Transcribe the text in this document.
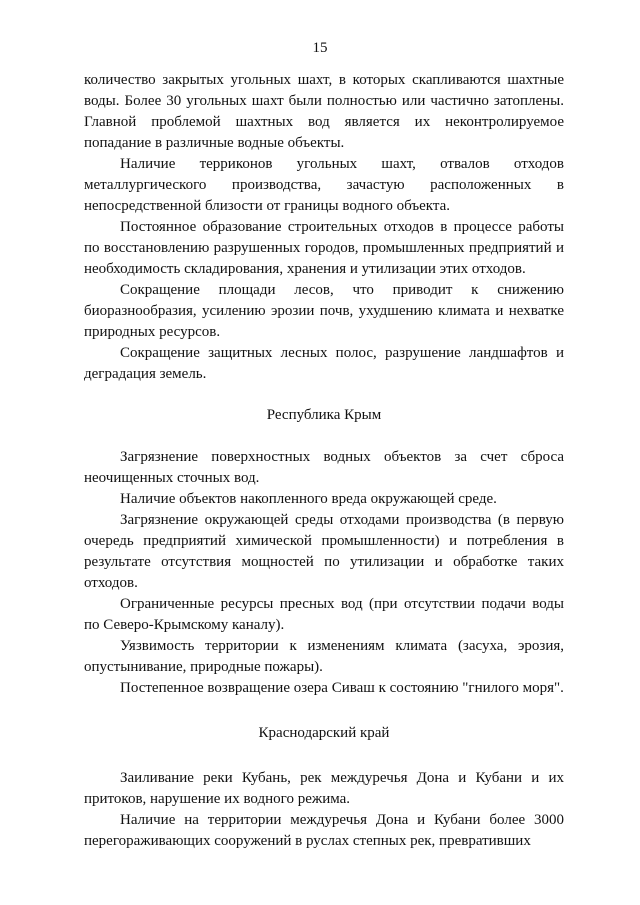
15

количество закрытых угольных шахт, в которых скапливаются шахтные воды. Более 30 угольных шахт были полностью или частично затоплены. Главной проблемой шахтных вод является их неконтролируемое попадание в различные водные объекты.

Наличие терриконов угольных шахт, отвалов отходов металлургического производства, зачастую расположенных в непосредственной близости от границы водного объекта.

Постоянное образование строительных отходов в процессе работы по восстановлению разрушенных городов, промышленных предприятий и необходимость складирования, хранения и утилизации этих отходов.

Сокращение площади лесов, что приводит к снижению биоразнообразия, усилению эрозии почв, ухудшению климата и нехватке природных ресурсов.

Сокращение защитных лесных полос, разрушение ландшафтов и деградация земель.

Республика Крым

Загрязнение поверхностных водных объектов за счет сброса неочищенных сточных вод.

Наличие объектов накопленного вреда окружающей среде.

Загрязнение окружающей среды отходами производства (в первую очередь предприятий химической промышленности) и потребления в результате отсутствия мощностей по утилизации и обработке таких отходов.

Ограниченные ресурсы пресных вод (при отсутствии подачи воды по Северо-Крымскому каналу).

Уязвимость территории к изменениям климата (засуха, эрозия, опустынивание, природные пожары).

Постепенное возвращение озера Сиваш к состоянию "гнилого моря".

Краснодарский край

Заиливание реки Кубань, рек междуречья Дона и Кубани и их притоков, нарушение их водного режима.

Наличие на территории междуречья Дона и Кубани более 3000 перегораживающих сооружений в руслах степных рек, превративших
